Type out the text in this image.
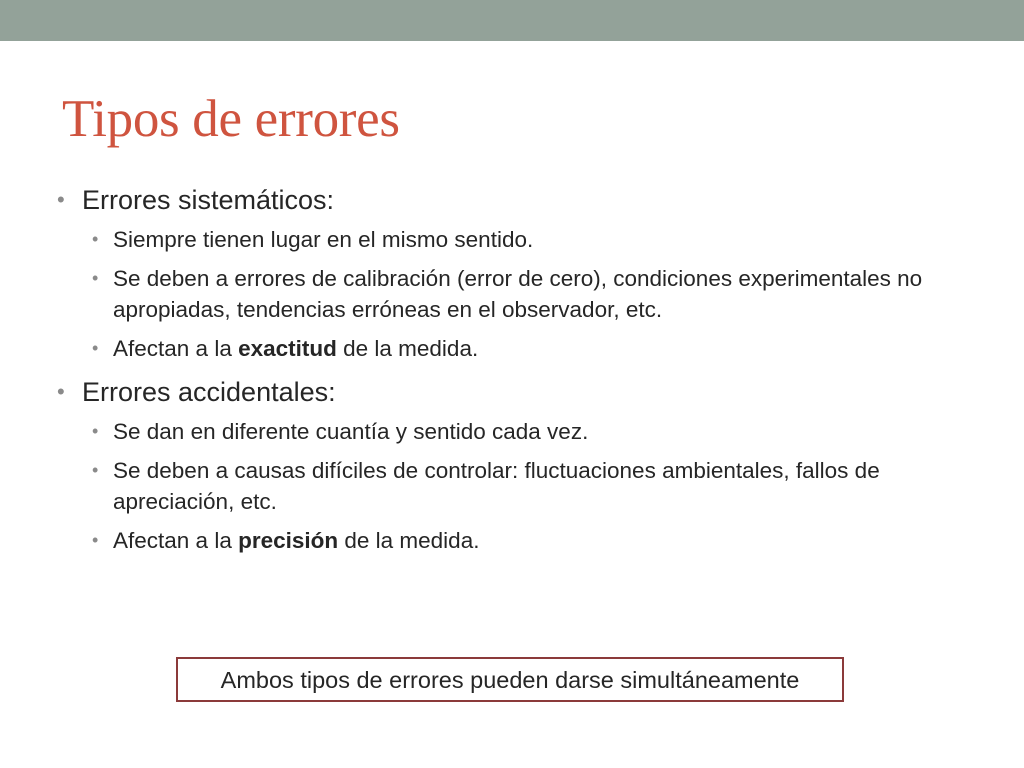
Tipos de errores
• Errores sistemáticos:
• Siempre tienen lugar en el mismo sentido.
• Se deben a errores de calibración (error de cero), condiciones experimentales no apropiadas, tendencias erróneas en el observador, etc.
• Afectan a la exactitud de la medida.
• Errores accidentales:
• Se dan en diferente cuantía y sentido cada vez.
• Se deben a causas difíciles de controlar: fluctuaciones ambientales, fallos de apreciación, etc.
• Afectan a la precisión de la medida.
Ambos tipos de errores pueden darse simultáneamente
